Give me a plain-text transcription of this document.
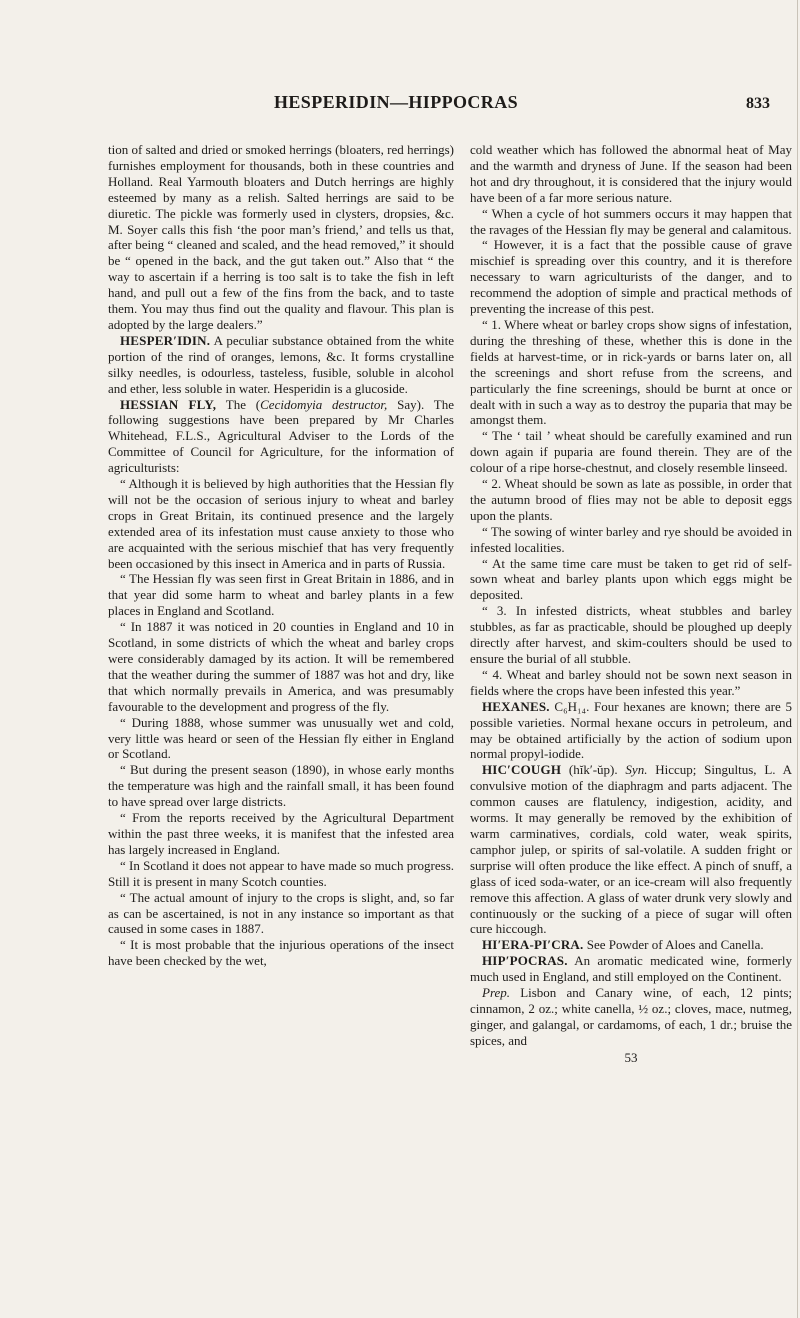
HESPERIDIN—HIPPOCRAS	833

tion of salted and dried or smoked herrings (bloaters, red herrings) furnishes employment for thousands, both in these countries and Holland. Real Yarmouth bloaters and Dutch herrings are highly esteemed by many as a relish. Salted herrings are said to be diuretic. The pickle was formerly used in clysters, dropsies, &c. M. Soyer calls this fish ‘the poor man’s friend,’ and tells us that, after being “ cleaned and scaled, and the head removed,” it should be “ opened in the back, and the gut taken out.” Also that “ the way to ascertain if a herring is too salt is to take the fish in left hand, and pull out a few of the fins from the back, and to taste them. You may thus find out the quality and flavour. This plan is adopted by the large dealers.”

HESPER′IDIN. A peculiar substance obtained from the white portion of the rind of oranges, lemons, &c. It forms crystalline silky needles, is odourless, tasteless, fusible, soluble in alcohol and ether, less soluble in water. Hesperidin is a glucoside.

HESSIAN FLY, The (Cecidomyia destructor, Say). The following suggestions have been prepared by Mr Charles Whitehead, F.L.S., Agricultural Adviser to the Lords of the Committee of Council for Agriculture, for the information of agriculturists:

“ Although it is believed by high authorities that the Hessian fly will not be the occasion of serious injury to wheat and barley crops in Great Britain, its continued presence and the largely extended area of its infestation must cause anxiety to those who are acquainted with the serious mischief that has very frequently been occasioned by this insect in America and in parts of Russia.

“ The Hessian fly was seen first in Great Britain in 1886, and in that year did some harm to wheat and barley plants in a few places in England and Scotland.

“ In 1887 it was noticed in 20 counties in England and 10 in Scotland, in some districts of which the wheat and barley crops were considerably damaged by its action. It will be remembered that the weather during the summer of 1887 was hot and dry, like that which normally prevails in America, and was presumably favourable to the development and progress of the fly.

“ During 1888, whose summer was unusually wet and cold, very little was heard or seen of the Hessian fly either in England or Scotland.

“ But during the present season (1890), in whose early months the temperature was high and the rainfall small, it has been found to have spread over large districts.

“ From the reports received by the Agricultural Department within the past three weeks, it is manifest that the infested area has largely increased in England.

“ In Scotland it does not appear to have made so much progress. Still it is present in many Scotch counties.

“ The actual amount of injury to the crops is slight, and, so far as can be ascertained, is not in any instance so important as that caused in some cases in 1887.

“ It is most probable that the injurious operations of the insect have been checked by the wet,

cold weather which has followed the abnormal heat of May and the warmth and dryness of June. If the season had been hot and dry throughout, it is considered that the injury would have been of a far more serious nature.

“ When a cycle of hot summers occurs it may happen that the ravages of the Hessian fly may be general and calamitous.

“ However, it is a fact that the possible cause of grave mischief is spreading over this country, and it is therefore necessary to warn agriculturists of the danger, and to recommend the adoption of simple and practical methods of preventing the increase of this pest.

“ 1. Where wheat or barley crops show signs of infestation, during the threshing of these, whether this is done in the fields at harvest-time, or in rick-yards or barns later on, all the screenings and short refuse from the screens, and particularly the fine screenings, should be burnt at once or dealt with in such a way as to destroy the puparia that may be amongst them.

“ The ‘ tail ’ wheat should be carefully examined and run down again if puparia are found therein. They are of the colour of a ripe horse-chestnut, and closely resemble linseed.

“ 2. Wheat should be sown as late as possible, in order that the autumn brood of flies may not be able to deposit eggs upon the plants.

“ The sowing of winter barley and rye should be avoided in infested localities.

“ At the same time care must be taken to get rid of self-sown wheat and barley plants upon which eggs might be deposited.

“ 3. In infested districts, wheat stubbles and barley stubbles, as far as practicable, should be ploughed up deeply directly after harvest, and skim-coulters should be used to ensure the burial of all stubble.

“ 4. Wheat and barley should not be sown next season in fields where the crops have been infested this year.”

HEXANES. C₆H₁₄. Four hexanes are known; there are 5 possible varieties. Normal hexane occurs in petroleum, and may be obtained artificially by the action of sodium upon normal propyl-iodide.

HIC′COUGH (hĭk′-ŭp). Syn. Hiccup; Singultus, L. A convulsive motion of the diaphragm and parts adjacent. The common causes are flatulency, indigestion, acidity, and worms. It may generally be removed by the exhibition of warm carminatives, cordials, cold water, weak spirits, camphor julep, or spirits of sal-volatile. A sudden fright or surprise will often produce the like effect. A pinch of snuff, a glass of iced soda-water, or an ice-cream will also frequently remove this affection. A glass of water drunk very slowly and continuously or the sucking of a piece of sugar will often cure hiccough.

HI′ERA-PI′CRA. See Powder of Aloes and Canella.

HIP′POCRAS. An aromatic medicated wine, formerly much used in England, and still employed on the Continent.

Prep. Lisbon and Canary wine, of each, 12 pints; cinnamon, 2 oz.; white canella, ½ oz.; cloves, mace, nutmeg, ginger, and galangal, or cardamoms, of each, 1 dr.; bruise the spices, and

53
